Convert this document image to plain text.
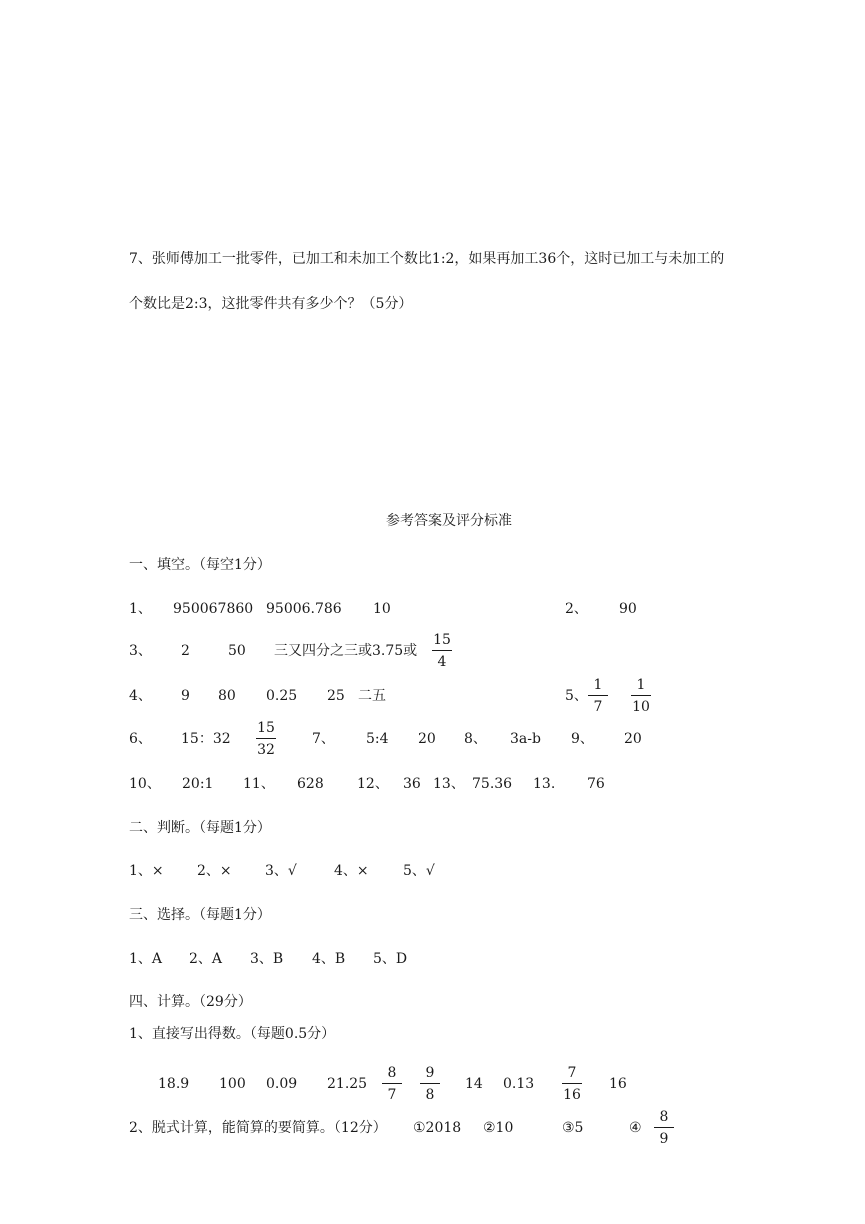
7、张师傅加工一批零件，已加工和未加工个数比1:2，如果再加工36个，这时已加工与未加工的
个数比是2:3，这批零件共有多少个？（5分）
参考答案及评分标准
一、填空。（每空1分）
1、 950067860 95006.786 10	2、 90
3、 2	50 三又四分之三或3.75或
15
4
4、 9 80 0.25 25 二五	5、
1
7
1
10
6、 15：32
15
32
7、 5:4 20 8、 3a-b 9、 20
10、 20:1 11、 628 12、 36 13、 75.36 13. 76
二、判断。（每题1分）
1、× 2、× 3、√	4、× 5、√
三、选择。（每题1分）
1、A 2、A 3、B 4、B 5、D
四、计算。（29分）
1、直接写出得数。（每题0.5分）
18.9 100 0.09 21.25
8
7
9
8
14 0.13
7
16
16
2、脱式计算，能简算的要简算。（12分） ①2018 ②10	③5	④
8
9
